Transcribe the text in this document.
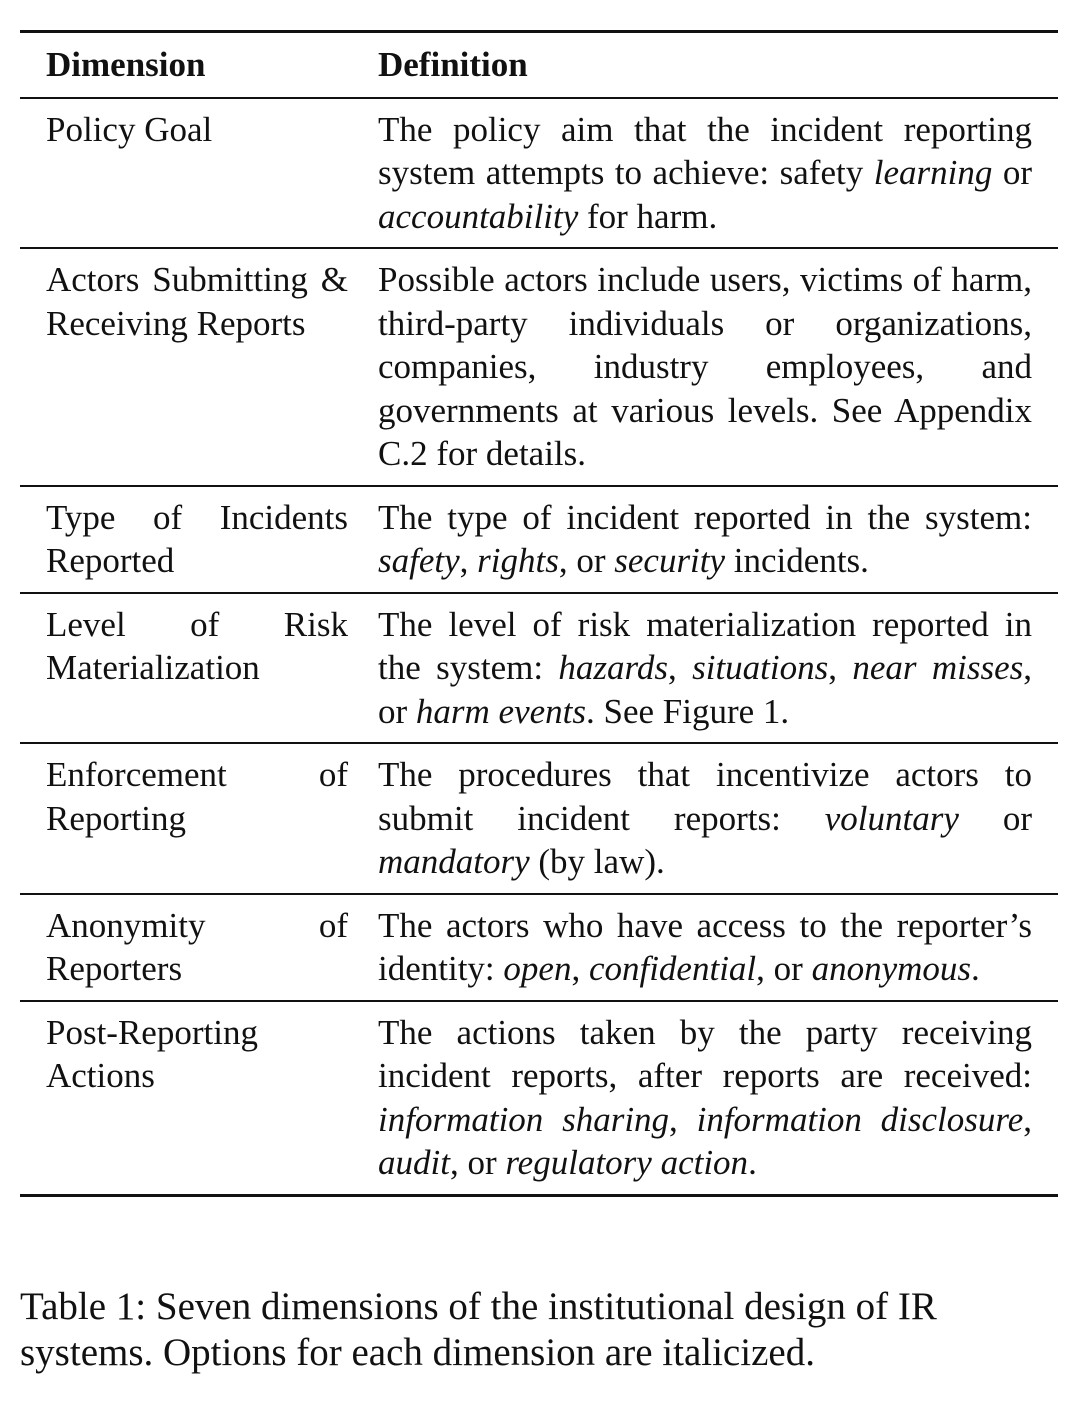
Dimension	Definition
Policy Goal	The policy aim that the incident reporting system attempts to achieve: safety learning or accountability for harm.
Actors Submitting & Receiving Reports	Possible actors include users, victims of harm, third-party individuals or organizations, companies, industry employees, and governments at various levels. See Appendix C.2 for details.
Type of Incidents Reported	The type of incident reported in the system: safety, rights, or security incidents.
Level of Risk Materialization	The level of risk materialization reported in the system: hazards, situations, near misses, or harm events. See Figure 1.
Enforcement of Reporting	The procedures that incentivize actors to submit incident reports: voluntary or mandatory (by law).
Anonymity of Reporters	The actors who have access to the reporter’s identity: open, confidential, or anonymous.
Post-Reporting Actions	The actions taken by the party receiving incident reports, after reports are received: information sharing, information disclosure, audit, or regulatory action.
Table 1: Seven dimensions of the institutional design of IR systems. Options for each dimension are italicized.
